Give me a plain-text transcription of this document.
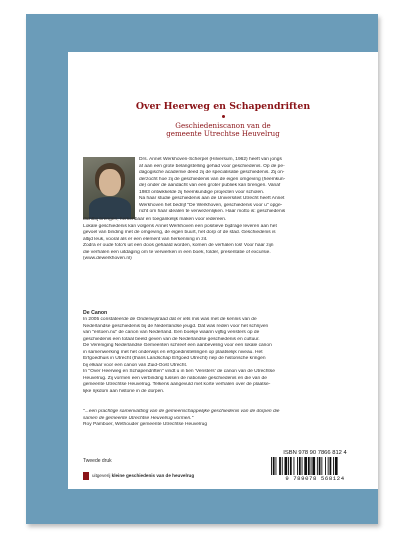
Over Heerweg en Schapendriften
Geschiedeniscanon van de
gemeente Utrechtse Heuvelrug
Drs. Annet Werkhoven-Scherpel (Hilversum, 1962) heeft van jongs
af aan een grote belangstelling gehad voor geschiedenis. Op de pe-
dagogische academie deed zij de specialisatie geschiedenis. Zij on-
derzocht hoe zij de geschiedenis van de eigen omgeving (heemkun-
de) onder de aandacht van een groter publiek kan brengen. Vanaf
1983 ontwikkelde zij heemkundige projecten voor scholen.
Na haar studie geschiedenis aan de Universiteit Utrecht heeft Annet
Werkhoven het bedrijf "De Werkhoven, geschiedenis voor u" opge-
richt om haar idealen te verwezenlijken. Haar motto is: geschiedenis
dichtbij brengen, herkenbaar en toegankelijk maken voor iedereen.
Lokale geschiedenis kan volgens Annet Werkhoven een positieve bijdrage leveren aan het
gevoel van binding met de omgeving, de eigen buurt, het dorp of de stad. Geschiedenis is
altijd leuk, vooral als er een element van herkenning in zit.
Zodra er oude foto's uit een doos gehaald worden, komen de verhalen los! Voor haar zijn
die verhalen een uitdaging om te verwerken in een boek, folder, presentatie of excursie.
(www.dewerkhoven.nl)
De Canon
In 2005 constateerde de Onderwijsraad dat er iets mis was met de kennis van de
Nederlandse geschiedenis bij de Nederlandse jeugd. Dat was reden voor het schrijven
van "entoen.nu" de canon van Nederland. Een boekje waarin vijftig vensters op de
geschiedenis een totaal beeld geven van de Nederlandse geschiedenis en cultuur.
De Vereniging Nederlandse Gemeenten schreef een aanbeveling voor een lokale canon
in samenwerking met het onderwijs en erfgoedinstellingen op plaatselijk niveau. Het
Erfgoedhuis in Utrecht (thans Landschap Erfgoed Utrecht) riep de historische kringen
bij elkaar voor een canon van Zuid-Oost Utrecht.
In "Over Heerweg en Schapendriften" vindt u in tien 'Vensters' de canon van de Utrechtse
Heuvelrug. Zij vormen een verbinding tussen de nationale geschiedenis en die van de
gemeente Utrechtse Heuvelrug. Telkens aangevuld met korte verhalen over de plaatse-
lijke rijkdom aan historie in de dorpen.
"...een prachtige samenvatting van de gemeenschappelijke geschiedenis van de dorpen die
samen de gemeente Utrechtse Heuvelrug vormen."
Roy Pamboer, Wethouder gemeente Utrechtse Heuvelrug
ISBN 978 90 7866 812 4
9 789078 568124
Tweede druk
uitgeverij kleine geschiedenis van de heuvelrug
